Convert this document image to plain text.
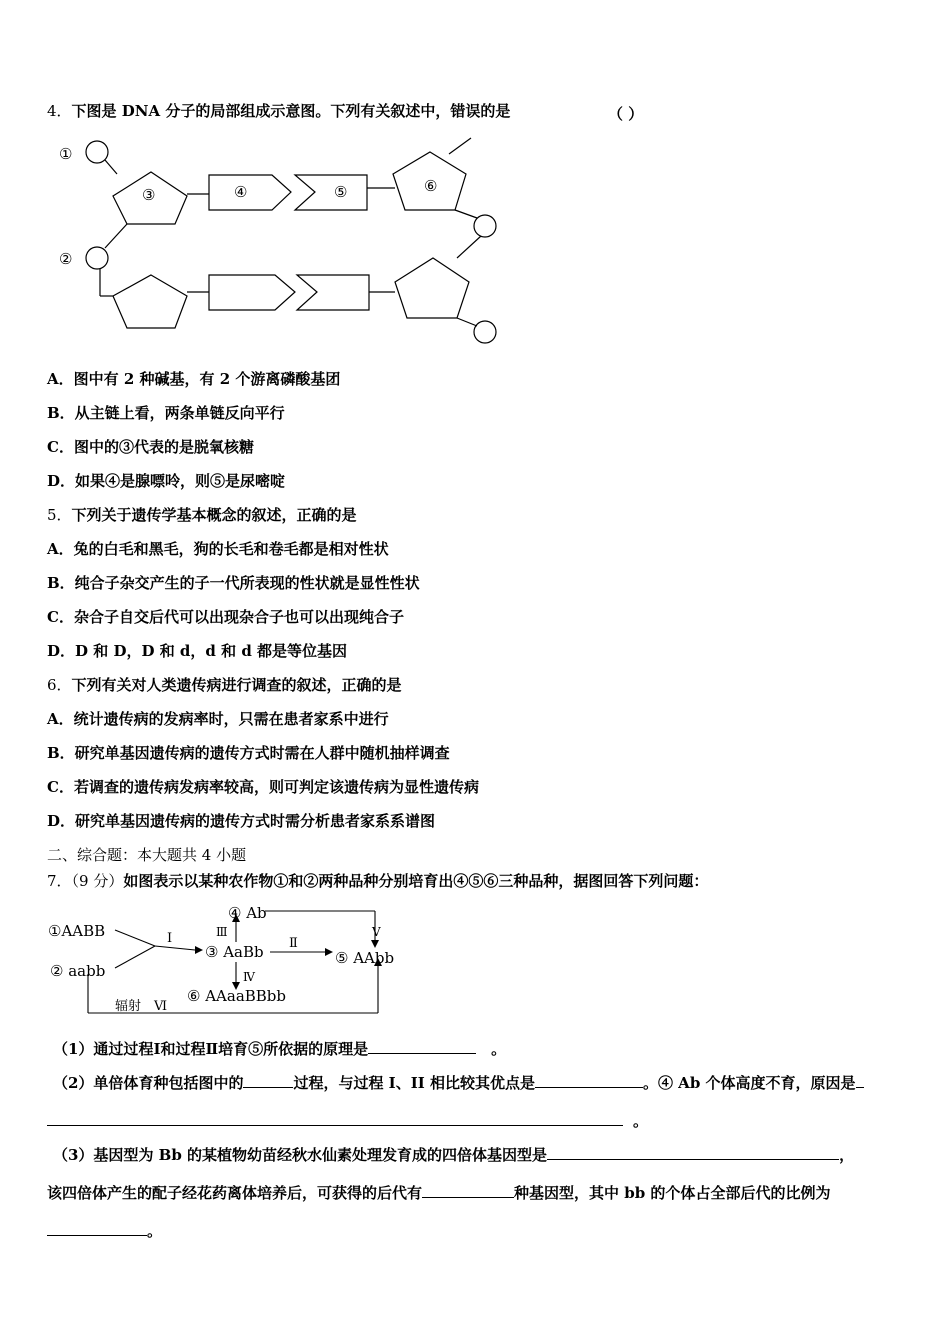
4．下图是 DNA 分子的局部组成示意图。下列有关叙述中，错误的是	（ ）
①
②
③	④	⑤	⑥
A．图中有 2 种碱基，有 2 个游离磷酸基团
B．从主链上看，两条单链反向平行
C．图中的③代表的是脱氧核糖
D．如果④是腺嘌呤，则⑤是尿嘧啶
5．下列关于遗传学基本概念的叙述，正确的是
A．兔的白毛和黑毛，狗的长毛和卷毛都是相对性状
B．纯合子杂交产生的子一代所表现的性状就是显性性状
C．杂合子自交后代可以出现杂合子也可以出现纯合子
D．D 和 D，D 和 d，d 和 d 都是等位基因
6．下列有关对人类遗传病进行调查的叙述，正确的是
A．统计遗传病的发病率时，只需在患者家系中进行
B．研究单基因遗传病的遗传方式时需在人群中随机抽样调查
C．若调查的遗传病发病率较高，则可判定该遗传病为显性遗传病
D．研究单基因遗传病的遗传方式时需分析患者家系系谱图
二、综合题：本大题共 4 小题
7．（9 分）如图表示以某种农作物①和②两种品种分别培育出④⑤⑥三种品种，据图回答下列问题：
①AABB
② aabb
③ AaBb
④ Ab
⑤ AAbb
⑥ AAaaBBbb
Ⅰ	Ⅱ
Ⅲ
Ⅳ
Ⅴ
辐射　Ⅵ
（1）通过过程Ⅰ和过程Ⅱ培育⑤所依据的原理是	　。
（2）单倍体育种包括图中的	过程，与过程 I、II 相比较其优点是	。④ Ab 个体高度不育，原因是
。
（3）基因型为 Bb 的某植物幼苗经秋水仙素处理发育成的四倍体基因型是	，
该四倍体产生的配子经花药离体培养后，可获得的后代有	种基因型，其中 bb 的个体占全部后代的比例为
。
